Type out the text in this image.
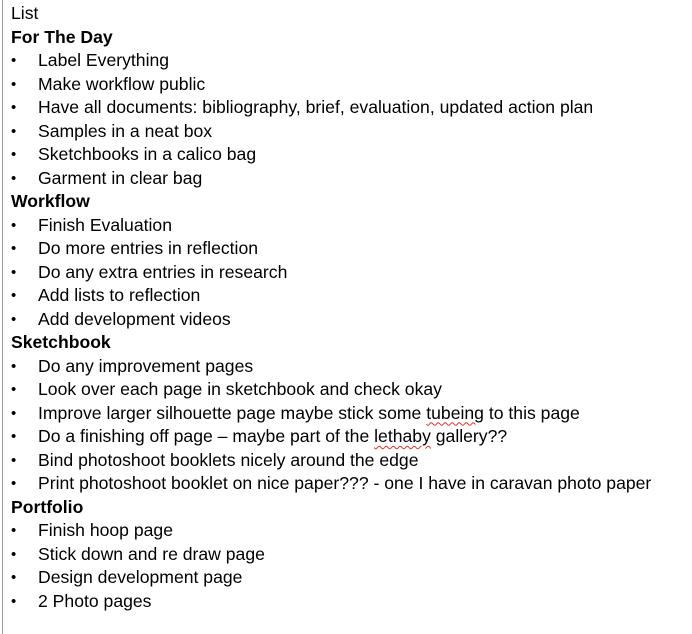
List
For The Day
• Label Everything
• Make workflow public
• Have all documents: bibliography, brief, evaluation, updated action plan
• Samples in a neat box
• Sketchbooks in a calico bag
• Garment in clear bag
Workflow
• Finish Evaluation
• Do more entries in reflection
• Do any extra entries in research
• Add lists to reflection
• Add development videos
Sketchbook
• Do any improvement pages
• Look over each page in sketchbook and check okay
• Improve larger silhouette page maybe stick some tubeing to this page
• Do a finishing off page – maybe part of the lethaby gallery??
• Bind photoshoot booklets nicely around the edge
• Print photoshoot booklet on nice paper??? - one I have in caravan photo paper
Portfolio
• Finish hoop page
• Stick down and re draw page
• Design development page
• 2 Photo pages
